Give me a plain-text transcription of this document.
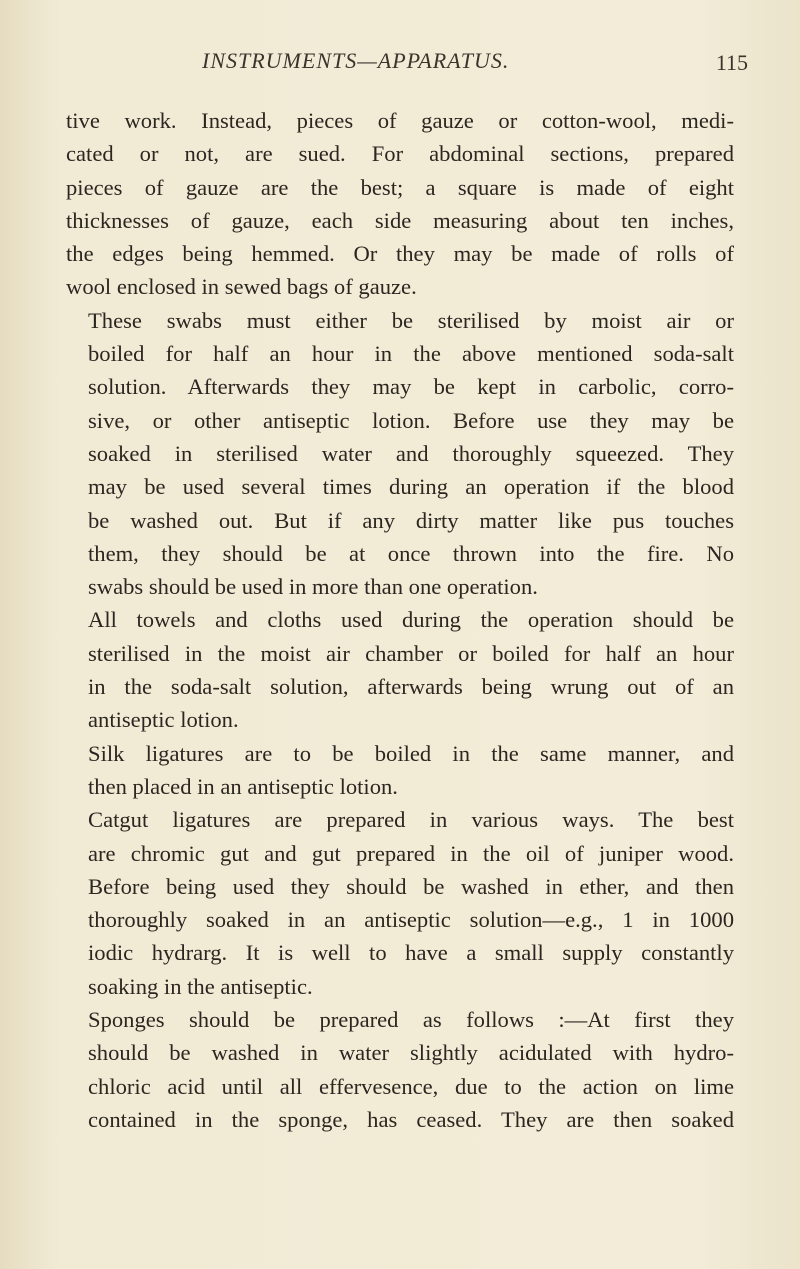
INSTRUMENTS—APPARATUS.	115

tive work. Instead, pieces of gauze or cotton-wool, medi-
cated or not, are sued. For abdominal sections, prepared
pieces of gauze are the best; a square is made of eight
thicknesses of gauze, each side measuring about ten inches,
the edges being hemmed. Or they may be made of rolls of
wool enclosed in sewed bags of gauze.

These swabs must either be sterilised by moist air or
boiled for half an hour in the above mentioned soda-salt
solution. Afterwards they may be kept in carbolic, corro-
sive, or other antiseptic lotion. Before use they may be
soaked in sterilised water and thoroughly squeezed. They
may be used several times during an operation if the blood
be washed out. But if any dirty matter like pus touches
them, they should be at once thrown into the fire. No
swabs should be used in more than one operation.

All towels and cloths used during the operation should be
sterilised in the moist air chamber or boiled for half an hour
in the soda-salt solution, afterwards being wrung out of an
antiseptic lotion.

Silk ligatures are to be boiled in the same manner, and
then placed in an antiseptic lotion.

Catgut ligatures are prepared in various ways. The best
are chromic gut and gut prepared in the oil of juniper wood.
Before being used they should be washed in ether, and then
thoroughly soaked in an antiseptic solution—e.g., 1 in 1000
iodic hydrarg. It is well to have a small supply constantly
soaking in the antiseptic.

Sponges should be prepared as follows :—At first they
should be washed in water slightly acidulated with hydro-
chloric acid until all effervesence, due to the action on lime
contained in the sponge, has ceased. They are then soaked
